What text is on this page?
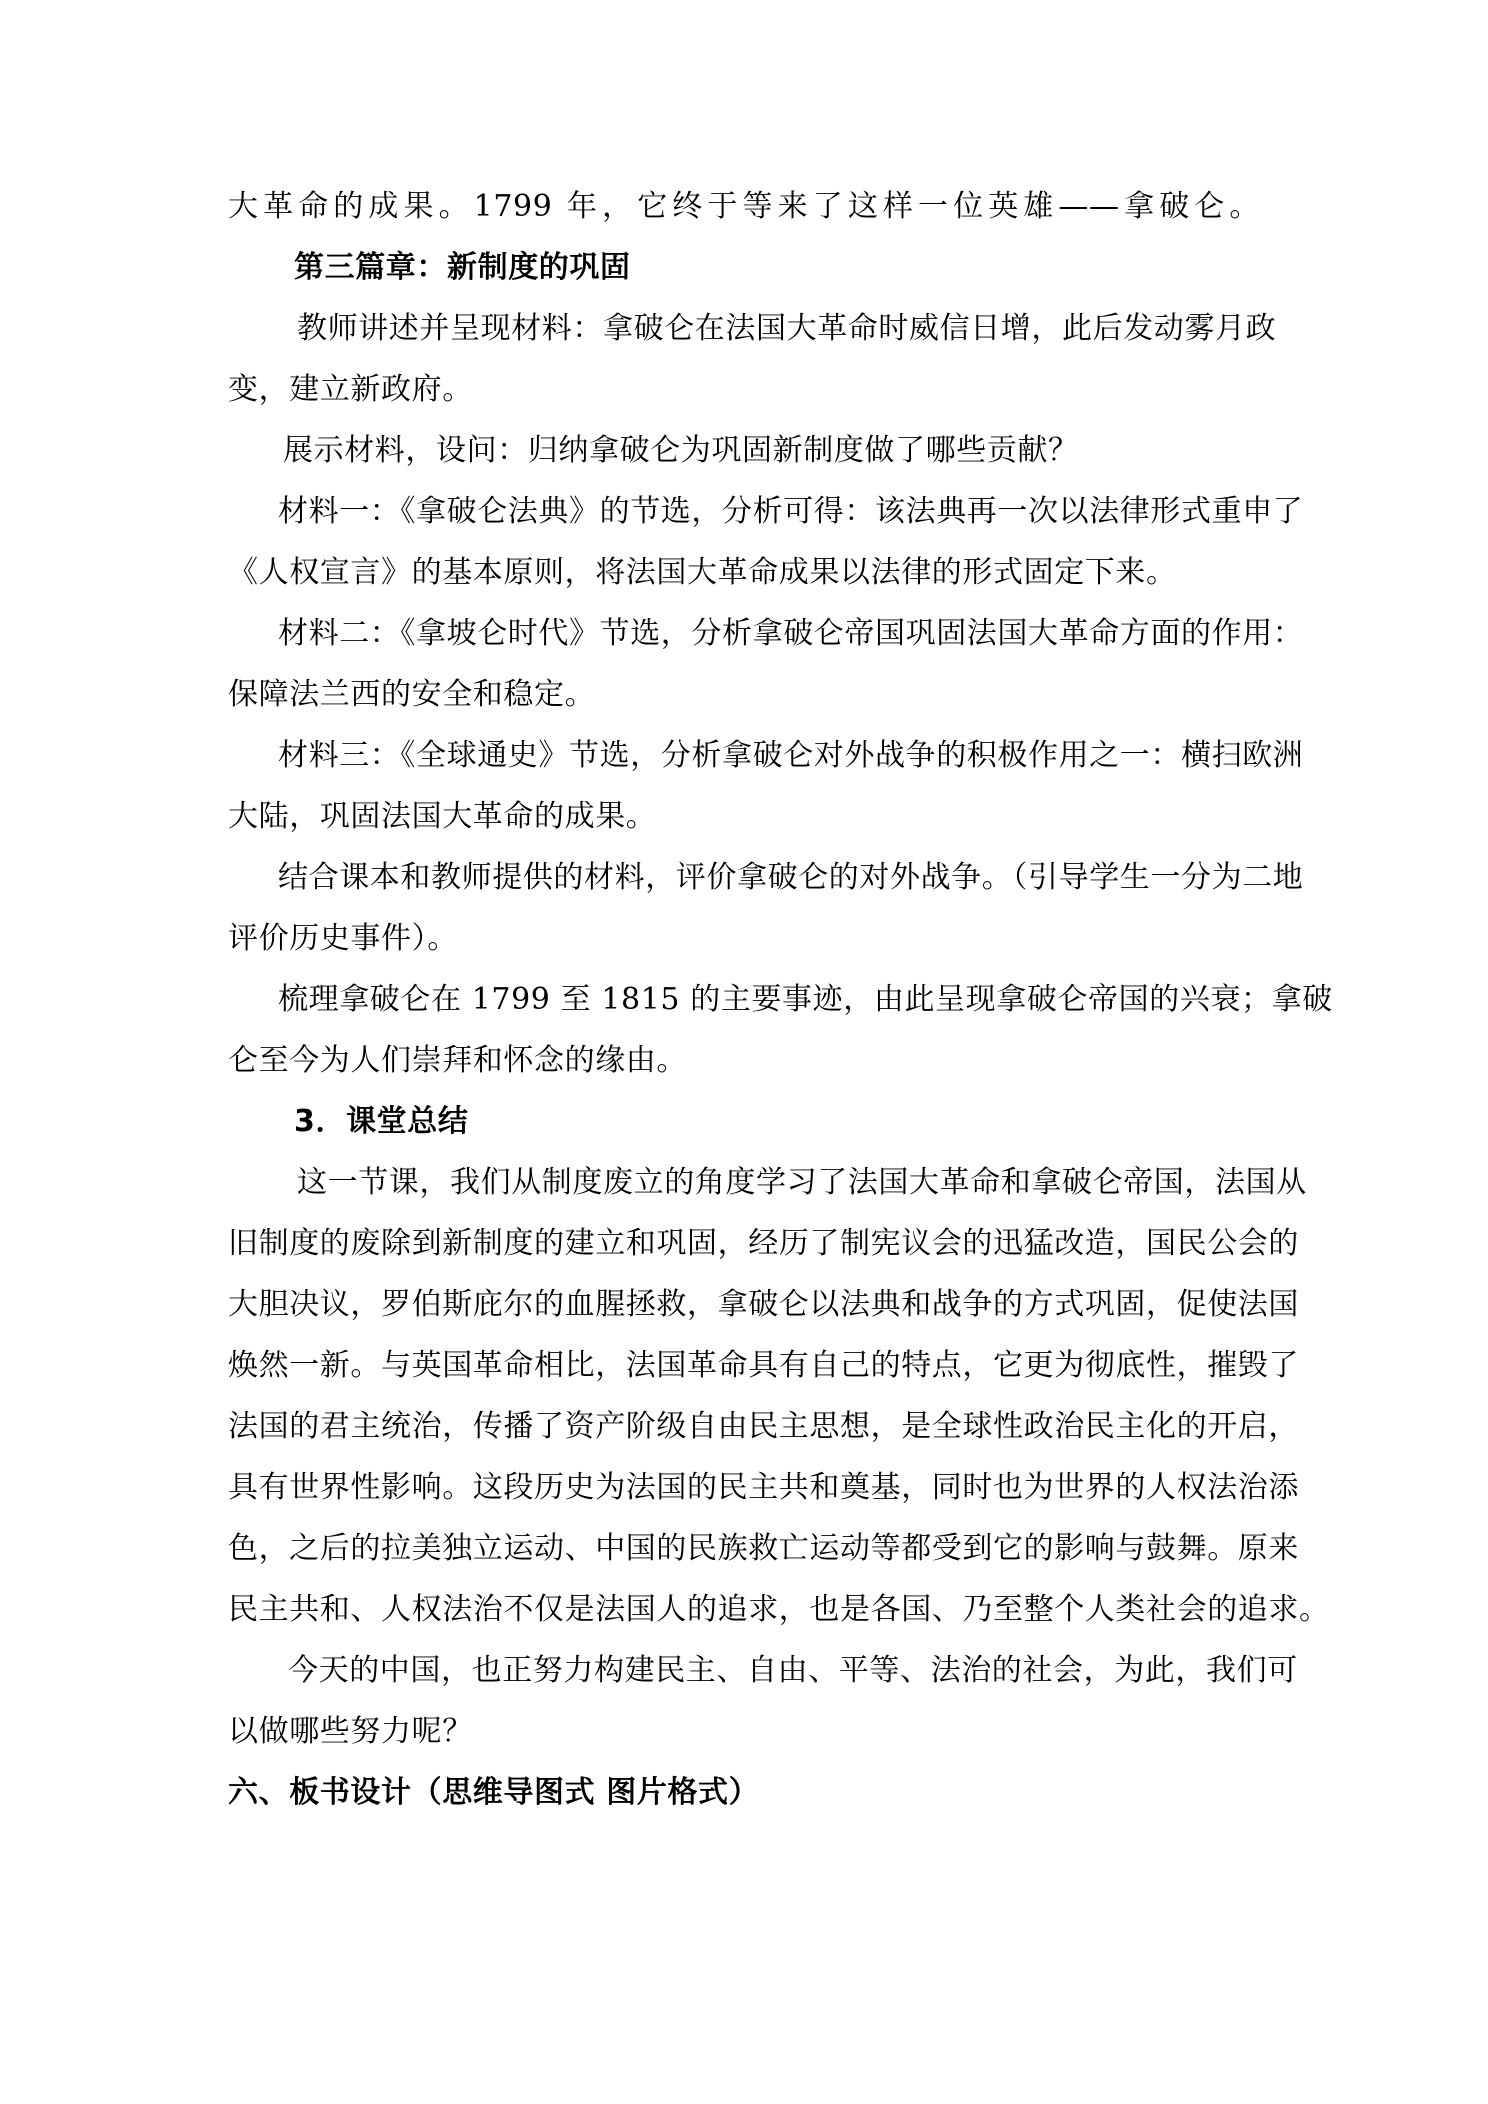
大革命的成果。1799 年，它终于等来了这样一位英雄——拿破仑。

第三篇章：新制度的巩固

教师讲述并呈现材料：拿破仑在法国大革命时威信日增，此后发动雾月政

变，建立新政府。

展示材料，设问：归纳拿破仑为巩固新制度做了哪些贡献？

材料一：《拿破仑法典》的节选，分析可得：该法典再一次以法律形式重申了

《人权宣言》的基本原则，将法国大革命成果以法律的形式固定下来。

材料二：《拿坡仑时代》节选，分析拿破仑帝国巩固法国大革命方面的作用：

保障法兰西的安全和稳定。

材料三：《全球通史》节选，分析拿破仑对外战争的积极作用之一：横扫欧洲

大陆，巩固法国大革命的成果。

结合课本和教师提供的材料，评价拿破仑的对外战争。（引导学生一分为二地

评价历史事件）。

梳理拿破仑在 1799 至 1815 的主要事迹，由此呈现拿破仑帝国的兴衰；拿破

仑至今为人们崇拜和怀念的缘由。

3．课堂总结

这一节课，我们从制度废立的角度学习了法国大革命和拿破仑帝国，法国从

旧制度的废除到新制度的建立和巩固，经历了制宪议会的迅猛改造，国民公会的

大胆决议，罗伯斯庇尔的血腥拯救，拿破仑以法典和战争的方式巩固，促使法国

焕然一新。与英国革命相比，法国革命具有自己的特点，它更为彻底性，摧毁了

法国的君主统治，传播了资产阶级自由民主思想，是全球性政治民主化的开启，

具有世界性影响。这段历史为法国的民主共和奠基，同时也为世界的人权法治添

色，之后的拉美独立运动、中国的民族救亡运动等都受到它的影响与鼓舞。原来

民主共和、人权法治不仅是法国人的追求，也是各国、乃至整个人类社会的追求。

今天的中国，也正努力构建民主、自由、平等、法治的社会，为此，我们可

以做哪些努力呢？

六、板书设计（思维导图式 图片格式）
